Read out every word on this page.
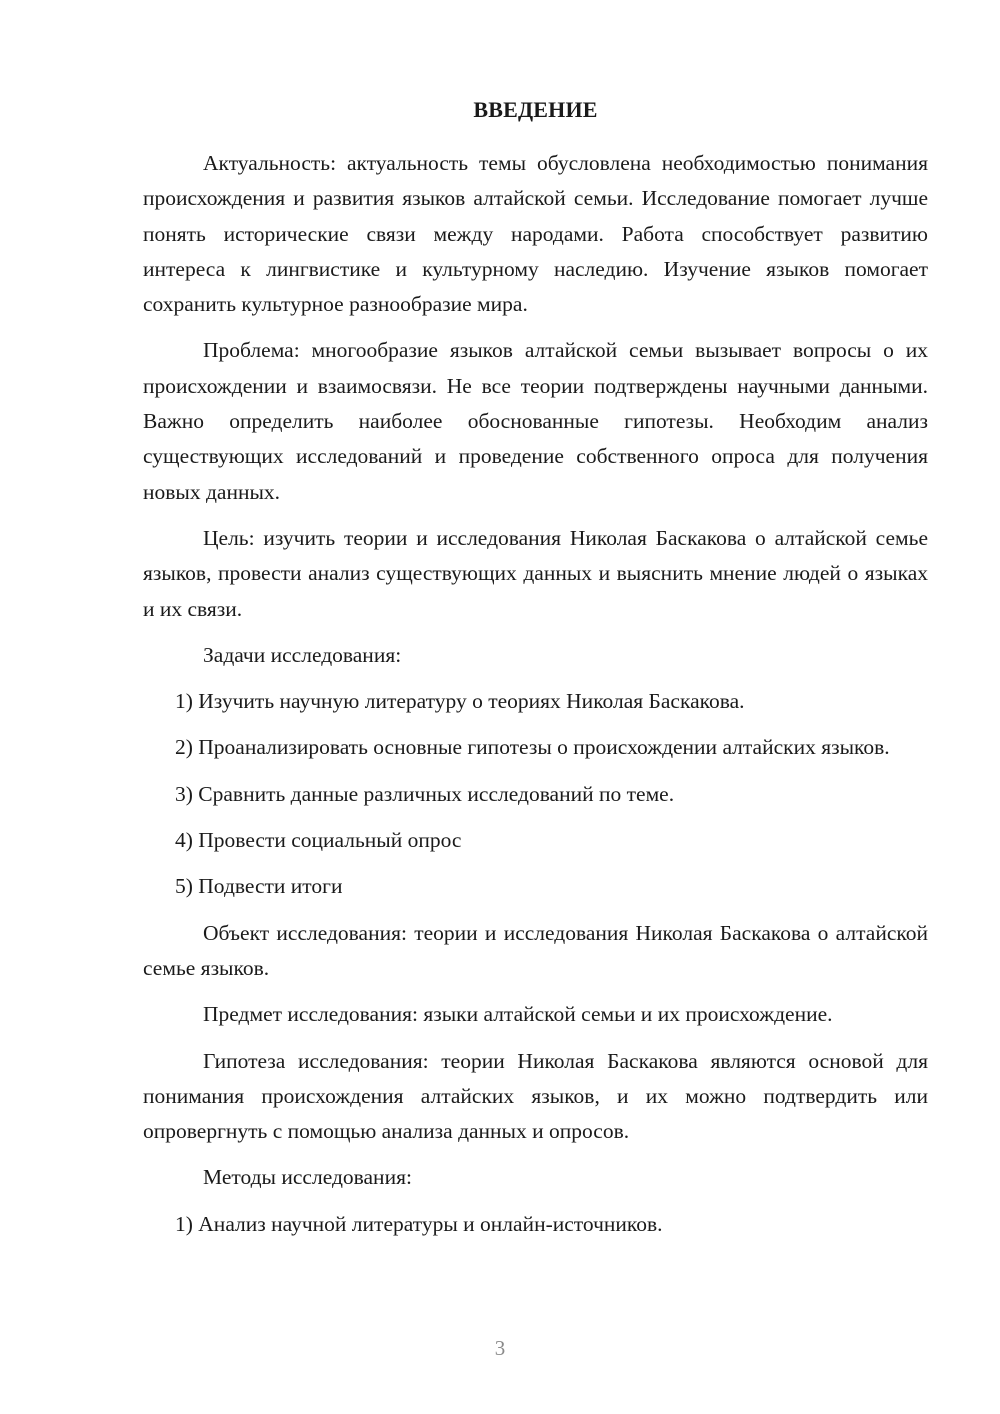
ВВЕДЕНИЕ

Актуальность: актуальность темы обусловлена необходимостью понимания происхождения и развития языков алтайской семьи. Исследование помогает лучше понять исторические связи между народами. Работа способствует развитию интереса к лингвистике и культурному наследию. Изучение языков помогает сохранить культурное разнообразие мира.

Проблема: многообразие языков алтайской семьи вызывает вопросы о их происхождении и взаимосвязи. Не все теории подтверждены научными данными. Важно определить наиболее обоснованные гипотезы. Необходим анализ существующих исследований и проведение собственного опроса для получения новых данных.

Цель: изучить теории и исследования Николая Баскакова о алтайской семье языков, провести анализ существующих данных и выяснить мнение людей о языках и их связи.

Задачи исследования:
1) Изучить научную литературу о теориях Николая Баскакова.
2) Проанализировать основные гипотезы о происхождении алтайских языков.
3) Сравнить данные различных исследований по теме.
4) Провести социальный опрос
5) Подвести итоги

Объект исследования: теории и исследования Николая Баскакова о алтайской семье языков.

Предмет исследования: языки алтайской семьи и их происхождение.

Гипотеза исследования: теории Николая Баскакова являются основой для понимания происхождения алтайских языков, и их можно подтвердить или опровергнуть с помощью анализа данных и опросов.

Методы исследования:
1) Анализ научной литературы и онлайн-источников.
3
